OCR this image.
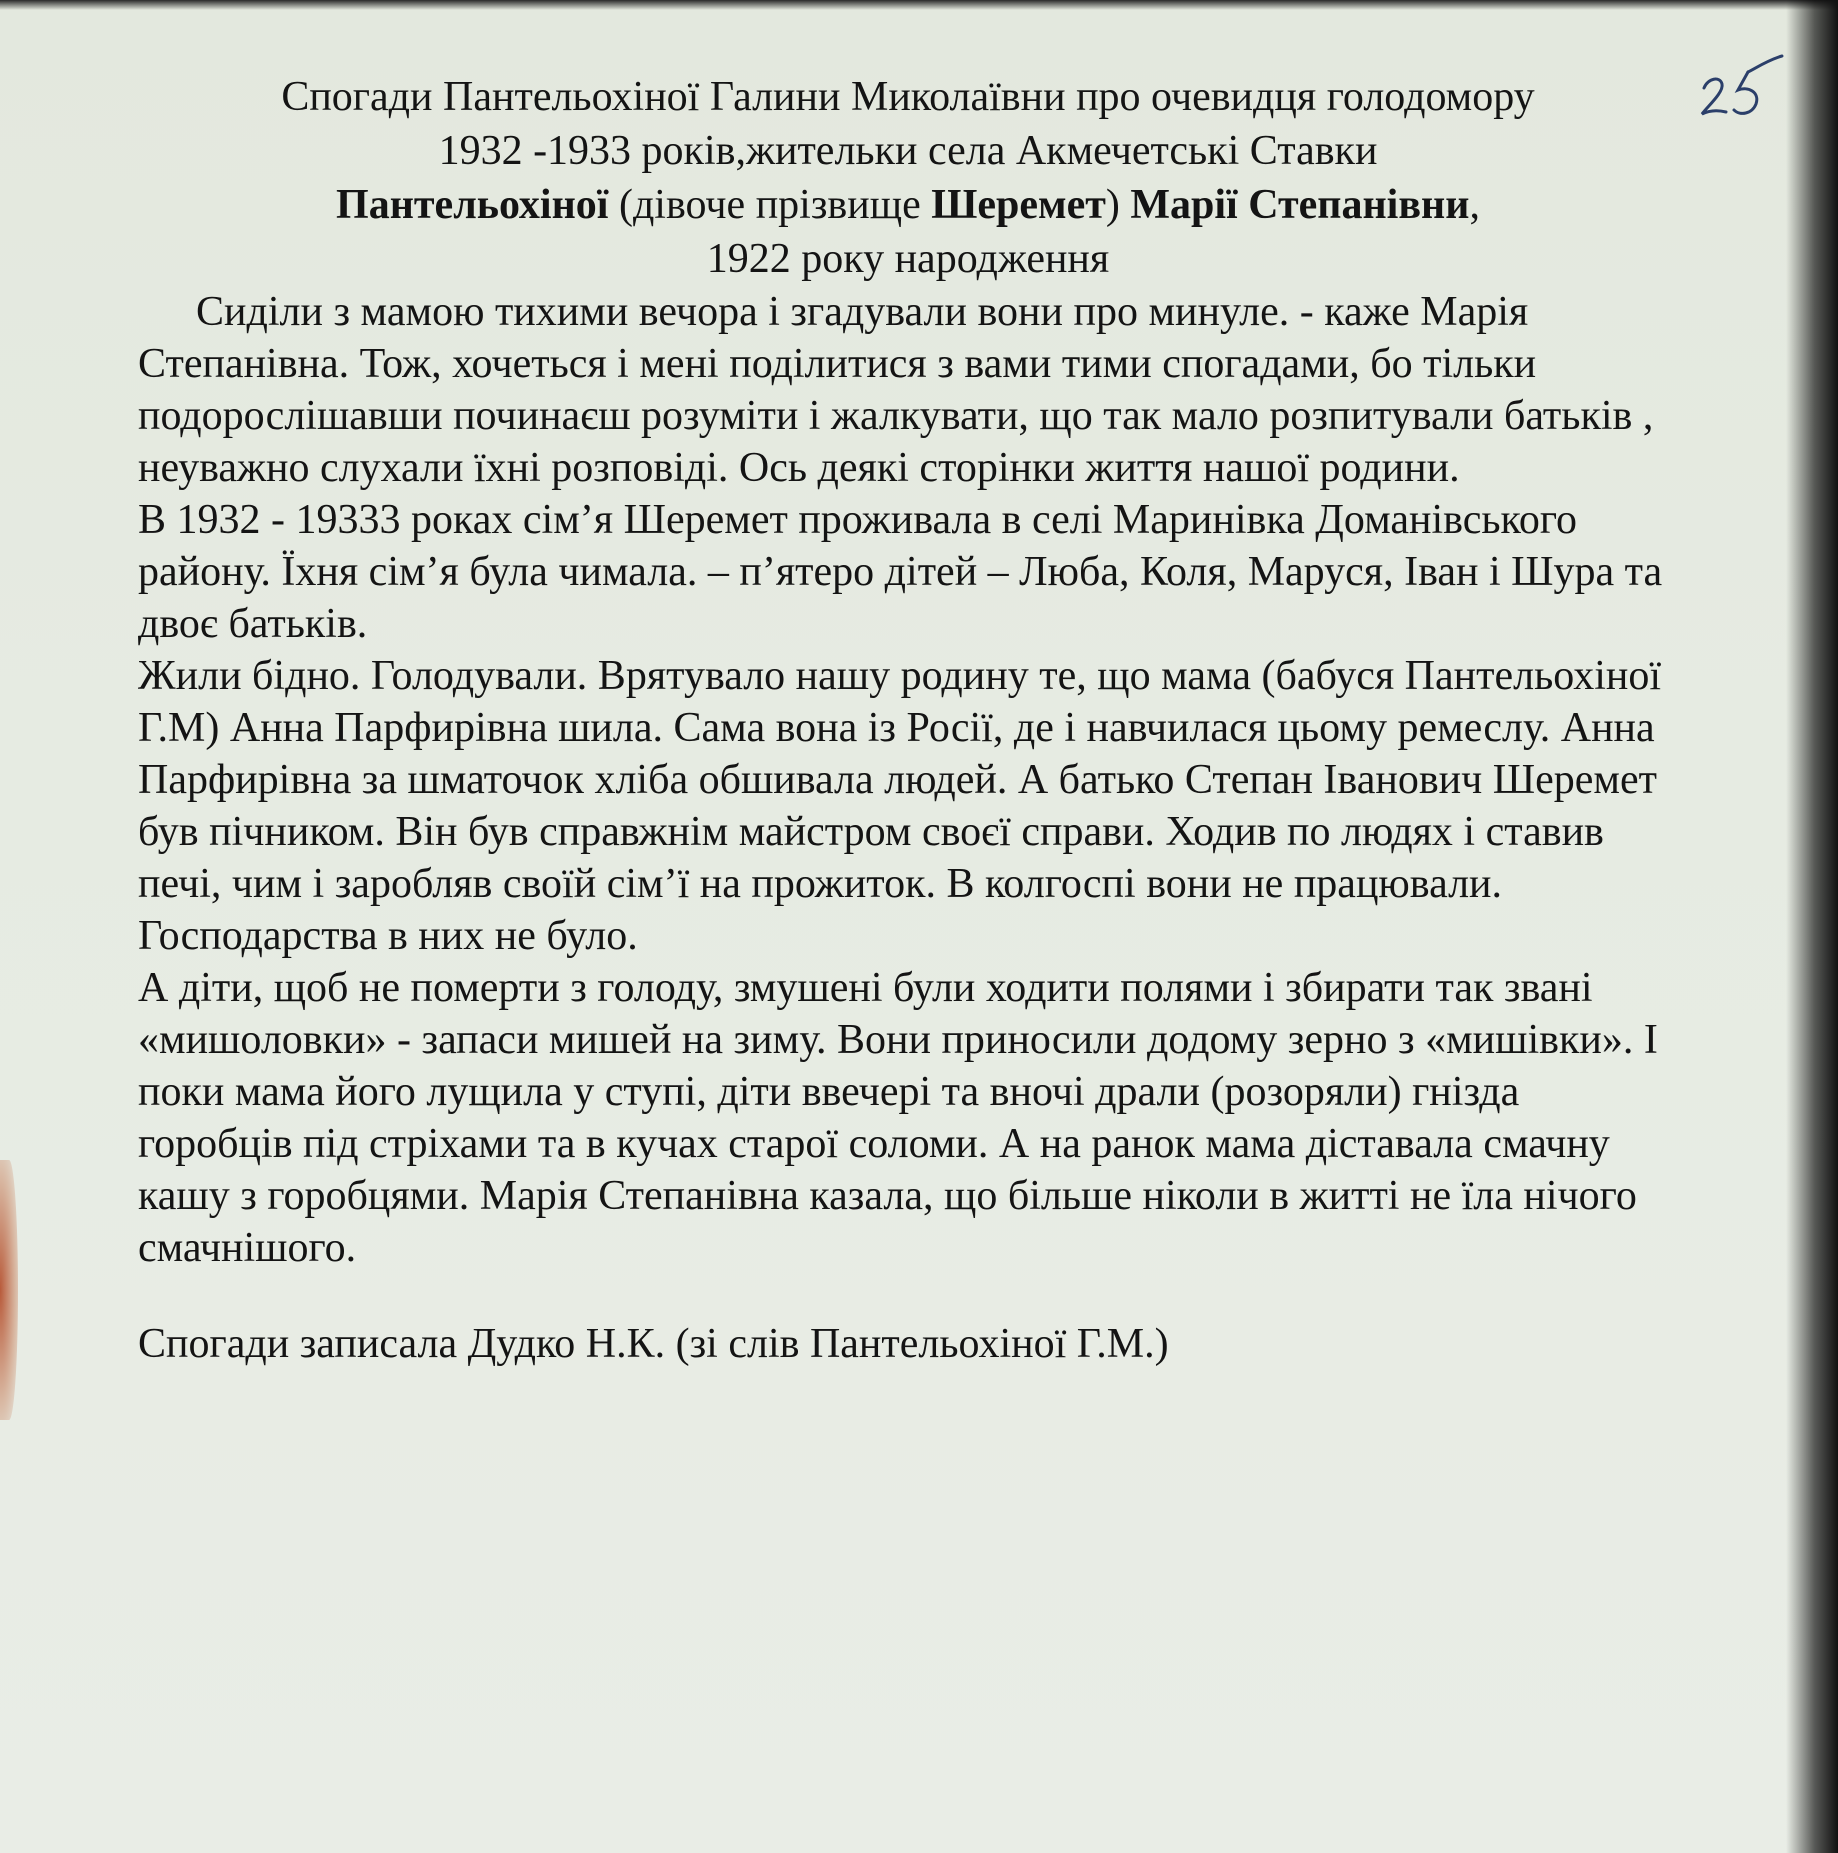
Спогади Пантельохіної Галини Миколаївни про очевидця голодомору

1932 -1933 років,жительки села Акмечетські Ставки

Пантельохіної (дівоче прізвище Шеремет) Марії Степанівни,

1922 року народження

Сиділи з мамою тихими вечора і згадували вони про минуле. - каже Марія Степанівна. Тож, хочеться і мені поділитися з вами тими спогадами, бо тільки подорослішавши починаєш розуміти і жалкувати, що так мало розпитували батьків , неуважно слухали їхні розповіді. Ось деякі сторінки життя нашої родини.

В 1932 - 19333 роках сім’я Шеремет проживала в селі Маринівка Доманівського району. Їхня сім’я була чимала. – п’ятеро дітей – Люба, Коля, Маруся, Іван і Шура та двоє батьків.

Жили бідно. Голодували. Врятувало нашу родину те, що мама (бабуся Пантельохіної Г.М) Анна Парфирівна шила. Сама вона із Росії, де і навчилася цьому ремеслу. Анна Парфирівна за шматочок хліба обшивала людей. А батько Степан Іванович Шеремет був пічником. Він був справжнім майстром своєї справи. Ходив по людях і ставив печі, чим і заробляв своїй сім’ї на прожиток. В колгоспі вони не працювали. Господарства в них не було.

А діти, щоб не померти з голоду, змушені були ходити полями і збирати так звані «мишоловки» - запаси мишей на зиму. Вони приносили додому зерно з «мишівки». І поки мама його лущила у ступі, діти ввечері та вночі драли (розоряли) гнізда горобців під стріхами та в кучах старої соломи. А на ранок мама діставала смачну кашу з горобцями. Марія Степанівна казала, що більше ніколи в житті не їла нічого смачнішого.

Спогади записала Дудко Н.К. (зі слів Пантельохіної Г.М.)
